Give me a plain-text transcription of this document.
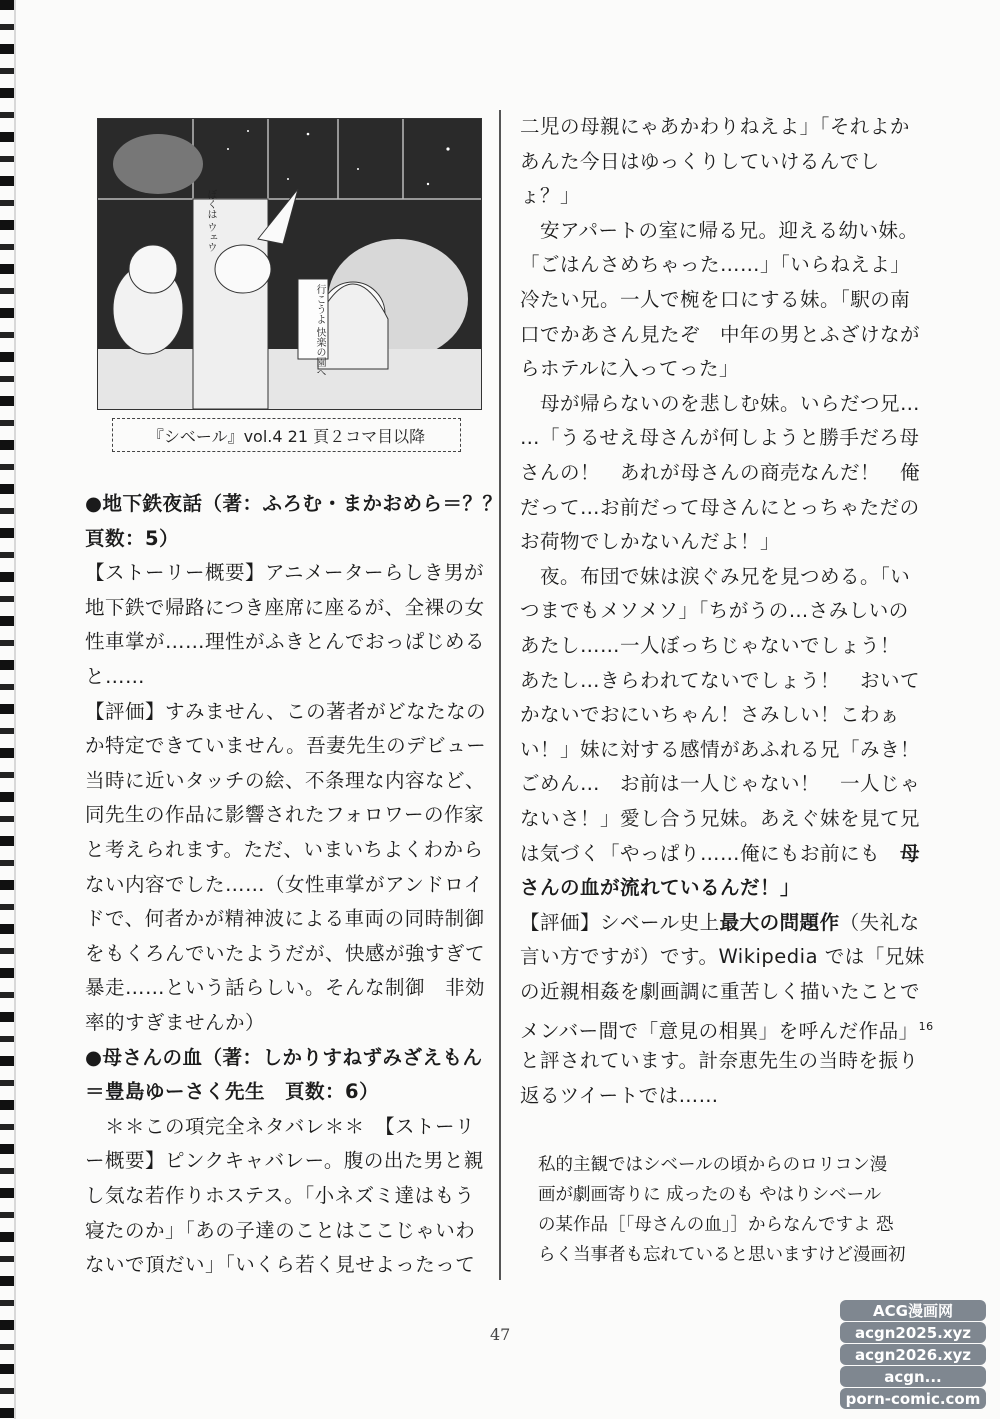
ぼくは ウェウ
行こうよ 快楽の園へ
『シベール』vol.4 21 頁２コマ目以降
●地下鉄夜話（著：ふろむ・まかおめら＝？？
頁数：5）
【ストーリー概要】アニメーターらしき男が
地下鉄で帰路につき座席に座るが、全裸の女
性車掌が……理性がふきとんでおっぱじめる
と……
【評価】すみません、この著者がどなたなの
か特定できていません。吾妻先生のデビュー
当時に近いタッチの絵、不条理な内容など、
同先生の作品に影響されたフォロワーの作家
と考えられます。ただ、いまいちよくわから
ない内容でした……（女性車掌がアンドロイ
ドで、何者かが精神波による車両の同時制御
をもくろんでいたようだが、快感が強すぎて
暴走……という話らしい。そんな制御　非効
率的すぎませんか）
●母さんの血（著：しかりすねずみざえもん
＝豊島ゆーさく先生　頁数：6）
　＊＊この項完全ネタバレ＊＊　【ストーリ
ー概要】ピンクキャバレー。腹の出た男と親
し気な若作りホステス。「小ネズミ達はもう
寝たのか」「あの子達のことはここじゃいわ
ないで頂だい」「いくら若く見せよったって
二児の母親にゃあかわりねえよ」「それよか
あんた今日はゆっくりしていけるんでし
ょ？」
　安アパートの室に帰る兄。迎える幼い妹。
「ごはんさめちゃった……」「いらねえよ」
冷たい兄。一人で椀を口にする妹。「駅の南
口でかあさん見たぞ　中年の男とふざけなが
らホテルに入ってった」
　母が帰らないのを悲しむ妹。いらだつ兄…
…「うるせえ母さんが何しようと勝手だろ母
さんの！　あれが母さんの商売なんだ！　俺
だって…お前だって母さんにとっちゃただの
お荷物でしかないんだよ！」
　夜。布団で妹は涙ぐみ兄を見つめる。「い
つまでもメソメソ」「ちがうの…さみしいの
あたし……一人ぼっちじゃないでしょう！
あたし…きらわれてないでしょう！　おいて
かないでおにいちゃん！さみしい！こわぁ
い！」妹に対する感情があふれる兄「みき！
ごめん…　お前は一人じゃない！　一人じゃ
ないさ！」愛し合う兄妹。あえぐ妹を見て兄
は気づく「やっぱり……俺にもお前にも　母
さんの血が流れているんだ！」
【評価】シベール史上最大の問題作（失礼な
言い方ですが）です。Wikipedia では「兄妹
の近親相姦を劇画調に重苦しく描いたことで
メンバー間で「意見の相異」を呼んだ作品」$^{16}$
と評されています。計奈恵先生の当時を振り
返るツイートでは……
私的主観ではシベールの頃からのロリコン漫
画が劇画寄りに 成ったのも やはりシベール
の某作品［「母さんの血」］からなんですよ 恐
らく当事者も忘れていると思いますけど漫画初
47
ACG漫画网
acgn2025.xyz
acgn2026.xyz
acgn...
porn-comic.com
